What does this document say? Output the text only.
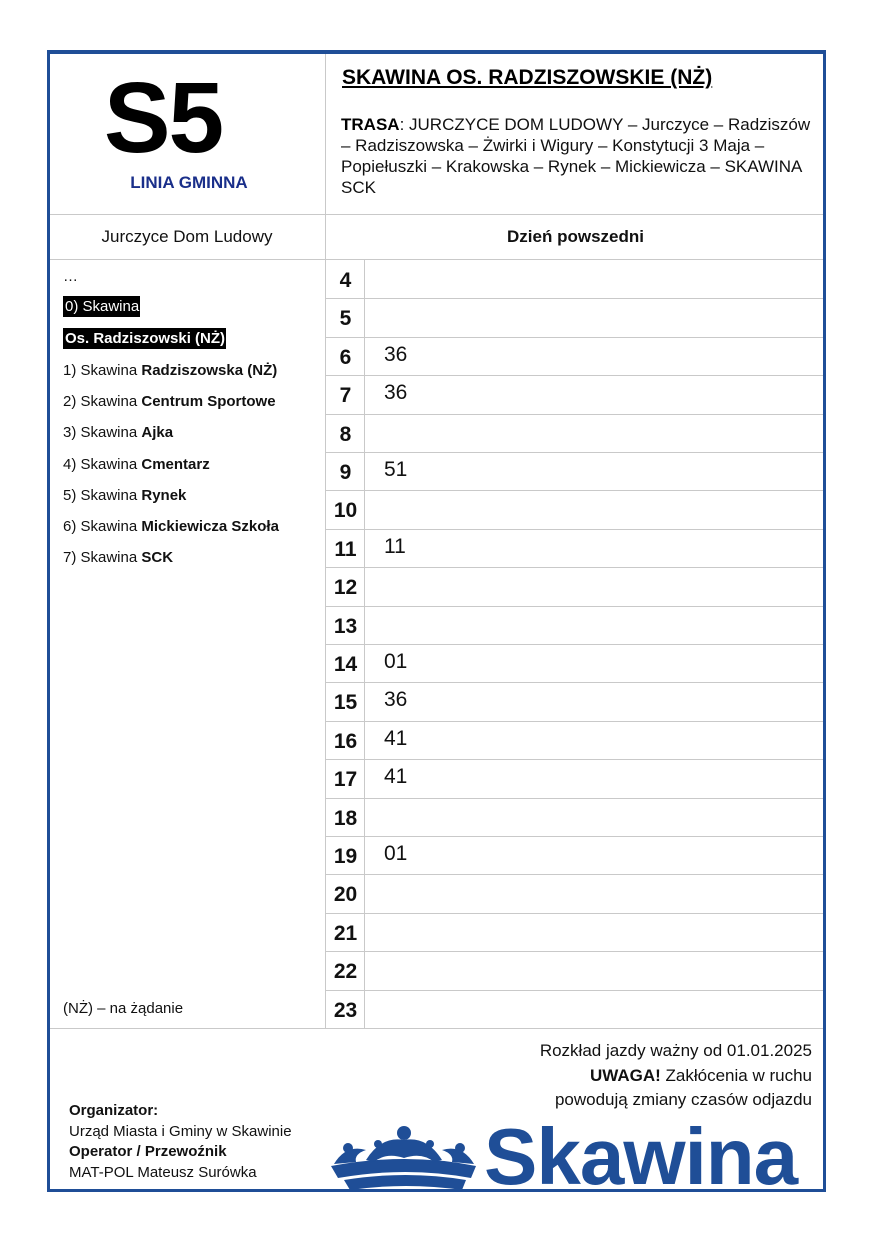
S5
LINIA GMINNA
SKAWINA OS. RADZISZOWSKIE (NŻ)
TRASA: JURCZYCE DOM LUDOWY – Jurczyce – Radziszów – Radziszowska – Żwirki i Wigury – Konstytucji 3 Maja – Popiełuszki – Krakowska – Rynek – Mickiewicza – SKAWINA SCK
Jurczyce Dom Ludowy	Dzień powszedni
…
0) Skawina
Os. Radziszowski (NŻ)
1) Skawina Radziszowska (NŻ)
2) Skawina Centrum Sportowe
3) Skawina Ajka
4) Skawina Cmentarz
5) Skawina Rynek
6) Skawina Mickiewicza Szkoła
7) Skawina SCK
4
5
6	36
7	36
8
9	51
10
11	11
12
13
14	01
15	36
16	41
17	41
18
19	01
20
21
22
23
(NŻ) – na żądanie
Rozkład jazdy ważny od 01.01.2025
UWAGA! Zakłócenia w ruchu
powodują zmiany czasów odjazdu
Organizator:
Urząd Miasta i Gminy w Skawinie
Operator / Przewoźnik
MAT-POL Mateusz Surówka	Skawina
